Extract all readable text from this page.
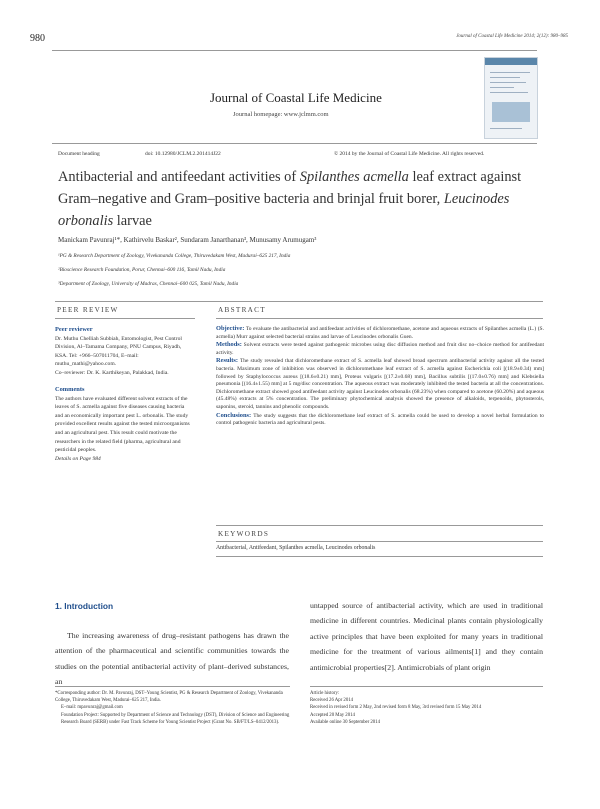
980	Journal of Coastal Life Medicine 2014; 2(12): 980–985
Journal of Coastal Life Medicine
Journal homepage: www.jclmm.com
Document heading	doi: 10.12980/JCLM.2.201414J22	© 2014 by the Journal of Coastal Life Medicine. All rights reserved.
Antibacterial and antifeedant activities of Spilanthes acmella leaf extract against Gram–negative and Gram–positive bacteria and brinjal fruit borer, Leucinodes orbonalis larvae
Manickam Pavunraj¹*, Kathirvelu Baskar², Sundaram Janarthanan³, Munusamy Arumugam³
¹PG & Research Department of Zoology, Vivekananda College, Thiruvedakam West, Madurai–625 217, India
²Bioscience Research Foundation, Porur, Chennai–600 116, Tamil Nadu, India
³Department of Zoology, University of Madras, Chennai–600 025, Tamil Nadu, India
PEER REVIEW	ABSTRACT
Peer reviewer
Dr. Muthu Chelliah Subbiah, Entomologist, Pest Control Division, Al–Tamama Company, PNU Campus, Riyadh, KSA. Tel: +966–507011704, E–mail: muthu_mathi@yahoo.com.
Co–reviewer: Dr. K. Karthikeyan, Palakkad, India.
Comments
The authors have evaluated different solvent extracts of the leaves of S. acmella against five diseases causing bacteria and an economically important pest L. orbonalis. The study provided excellent results against the tested microorganisms and an agricultural pest. This result could motivate the researchers in the related field (pharma, agricultural and pesticidal peoples.
Details on Page 984
Objective: To evaluate the antibacterial and antifeedant activities of dichloromethane, acetone and aqueous extracts of Spilanthes acmella (L.) (S. acmella) Murr against selected bacterial strains and larvae of Leucinodes orbonalis Guen.
Methods: Solvent extracts were tested against pathogenic microbes using disc diffusion method and fruit disc no–choice method for antifeedant activity.
Results: The study revealed that dichloromethane extract of S. acmella leaf showed broad spectrum antibacterial activity against all the tested bacteria. Maximum zone of inhibition was observed in dichloromethane leaf extract of S. acmella against Escherichia coli [(18.9±0.34) mm] followed by Staphylococcus aureus [(18.6±0.21) mm], Proteus vulgaris [(17.2±0.68) mm], Bacillus subtilis [(17.0±0.76) mm] and Klebsiella pneumonia [(16.4±1.55) mm] at 5 mg/disc concentration. The aqueous extract was moderately inhibited the tested bacteria at all the concentrations. Dichloromethane extract showed good antifeedant activity against Leucinodes orbonalis (68.23%) when compared to acetone (60.20%) and aqueous (45.48%) extracts at 5% concentration. The preliminary phytochemical analysis showed the presence of alkaloids, terpenoids, phytosterols, saponins, steroid, tannins and phenolic compounds.
Conclusions: The study suggests that the dichloromethane leaf extract of S. acmella could be used to develop a novel herbal formulation to control pathogenic bacteria and agricultural pests.
KEYWORDS
Antibacterial, Antifeedant, Spilanthes acmella, Leucinodes orbonalis
1. Introduction
The increasing awareness of drug–resistant pathogens has drawn the attention of the pharmaceutical and scientific communities towards the studies on the potential antibacterial activity of plant–derived substances, an
untapped source of antibacterial activity, which are used in traditional medicine in different countries. Medicinal plants contain physiologically active principles that have been exploited for many years in traditional medicine for the treatment of various ailments[1] and they contain antimicrobial properties[2]. Antimicrobials of plant origin
*Corresponding author: Dr. M. Pavunraj, DST–Young Scientist, PG & Research Department of Zoology, Vivekananda College, Thiruvedakam West, Madurai–625 217, India.
E–mail: mpavunraj@gmail.com
Foundation Project: Supported by Department of Science and Technology (DST), Division of Science and Engineering Research Board (SERB) under Fast Track Scheme for Young Scientist Project (Grant No. SB/FT/LS–0412/2013).
Article history:
Received 26 Apr 2014
Received in revised form 2 May, 2nd revised form 8 May, 3rd revised form 15 May 2014
Accepted 20 May 2014
Available online 30 September 2014
